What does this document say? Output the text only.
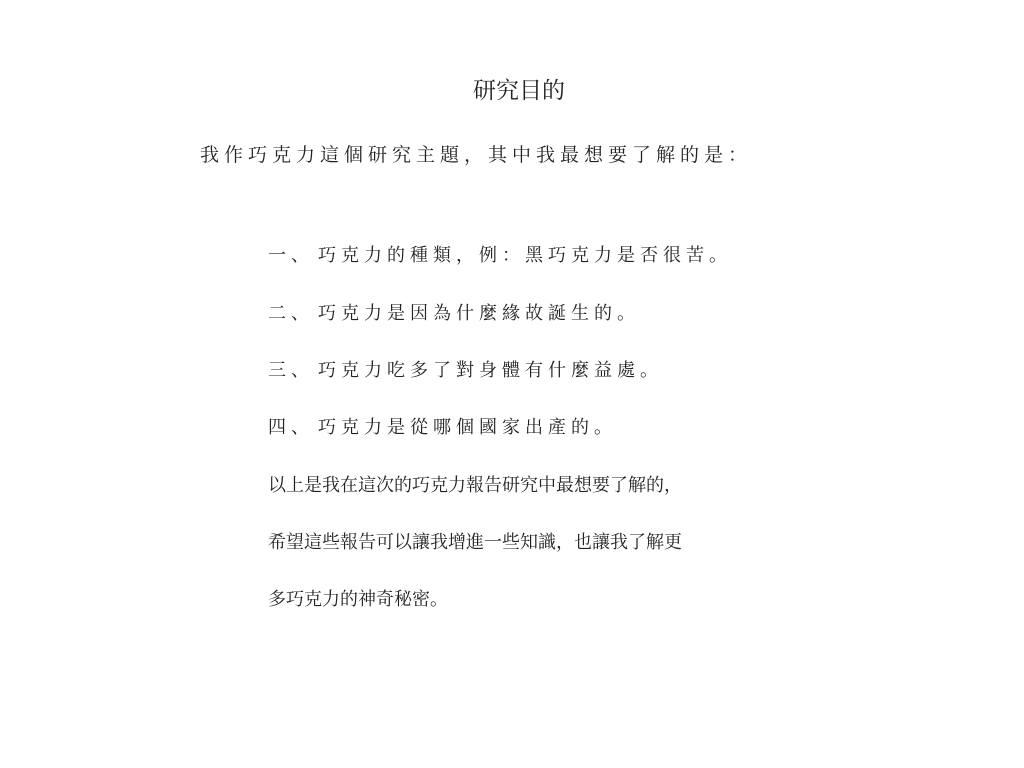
研究目的
我作巧克力這個研究主題，其中我最想要了解的是：
一、 巧克力的種類，例：黑巧克力是否很苦。
二、 巧克力是因為什麼緣故誕生的。
三、 巧克力吃多了對身體有什麼益處。
四、 巧克力是從哪個國家出產的。
以上是我在這次的巧克力報告研究中最想要了解的，
希望這些報告可以讓我增進一些知識，也讓我了解更
多巧克力的神奇秘密。
